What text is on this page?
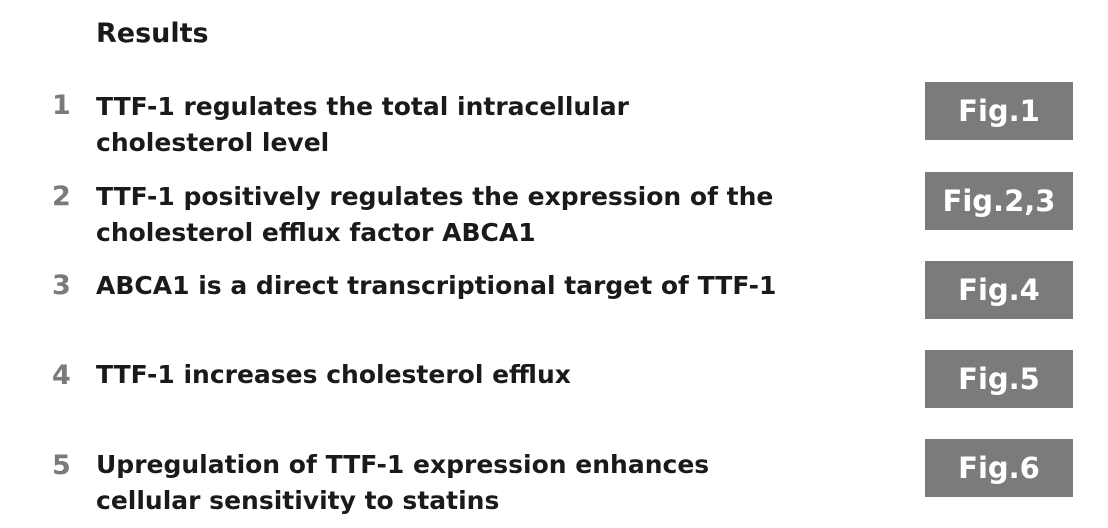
Results
1 TTF-1 regulates the total intracellular cholesterol level
Fig.1
2 TTF-1 positively regulates the expression of the cholesterol efflux factor ABCA1
Fig.2,3
3 ABCA1 is a direct transcriptional target of TTF-1	Fig.4
4 TTF-1 increases cholesterol efflux	Fig.5
5 Upregulation of TTF-1 expression enhances cellular sensitivity to statins
Fig.6
